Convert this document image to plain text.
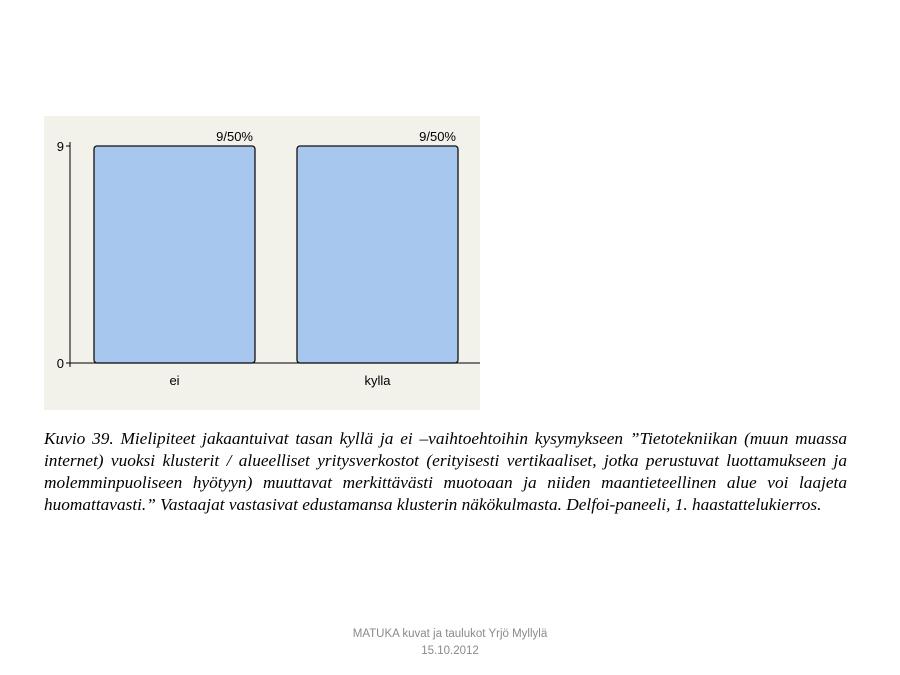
9/50%
ei
9/50%
kylla
0
9

Kuvio 39. Mielipiteet jakaantuivat tasan kyllä ja ei –vaihtoehtoihin kysymykseen ”Tietotekniikan (muun muassa internet) vuoksi klusterit / alueelliset yritysverkostot (erityisesti vertikaaliset, jotka perustuvat luottamukseen ja molemminpuoliseen hyötyyn) muuttavat merkittävästi muotoaan ja niiden maantieteellinen alue voi laajeta huomattavasti.” Vastaajat vastasivat edustamansa klusterin näkökulmasta. Delfoi-paneeli, 1. haastattelukierros.

MATUKA kuvat ja taulukot Yrjö Myllylä
15.10.2012
